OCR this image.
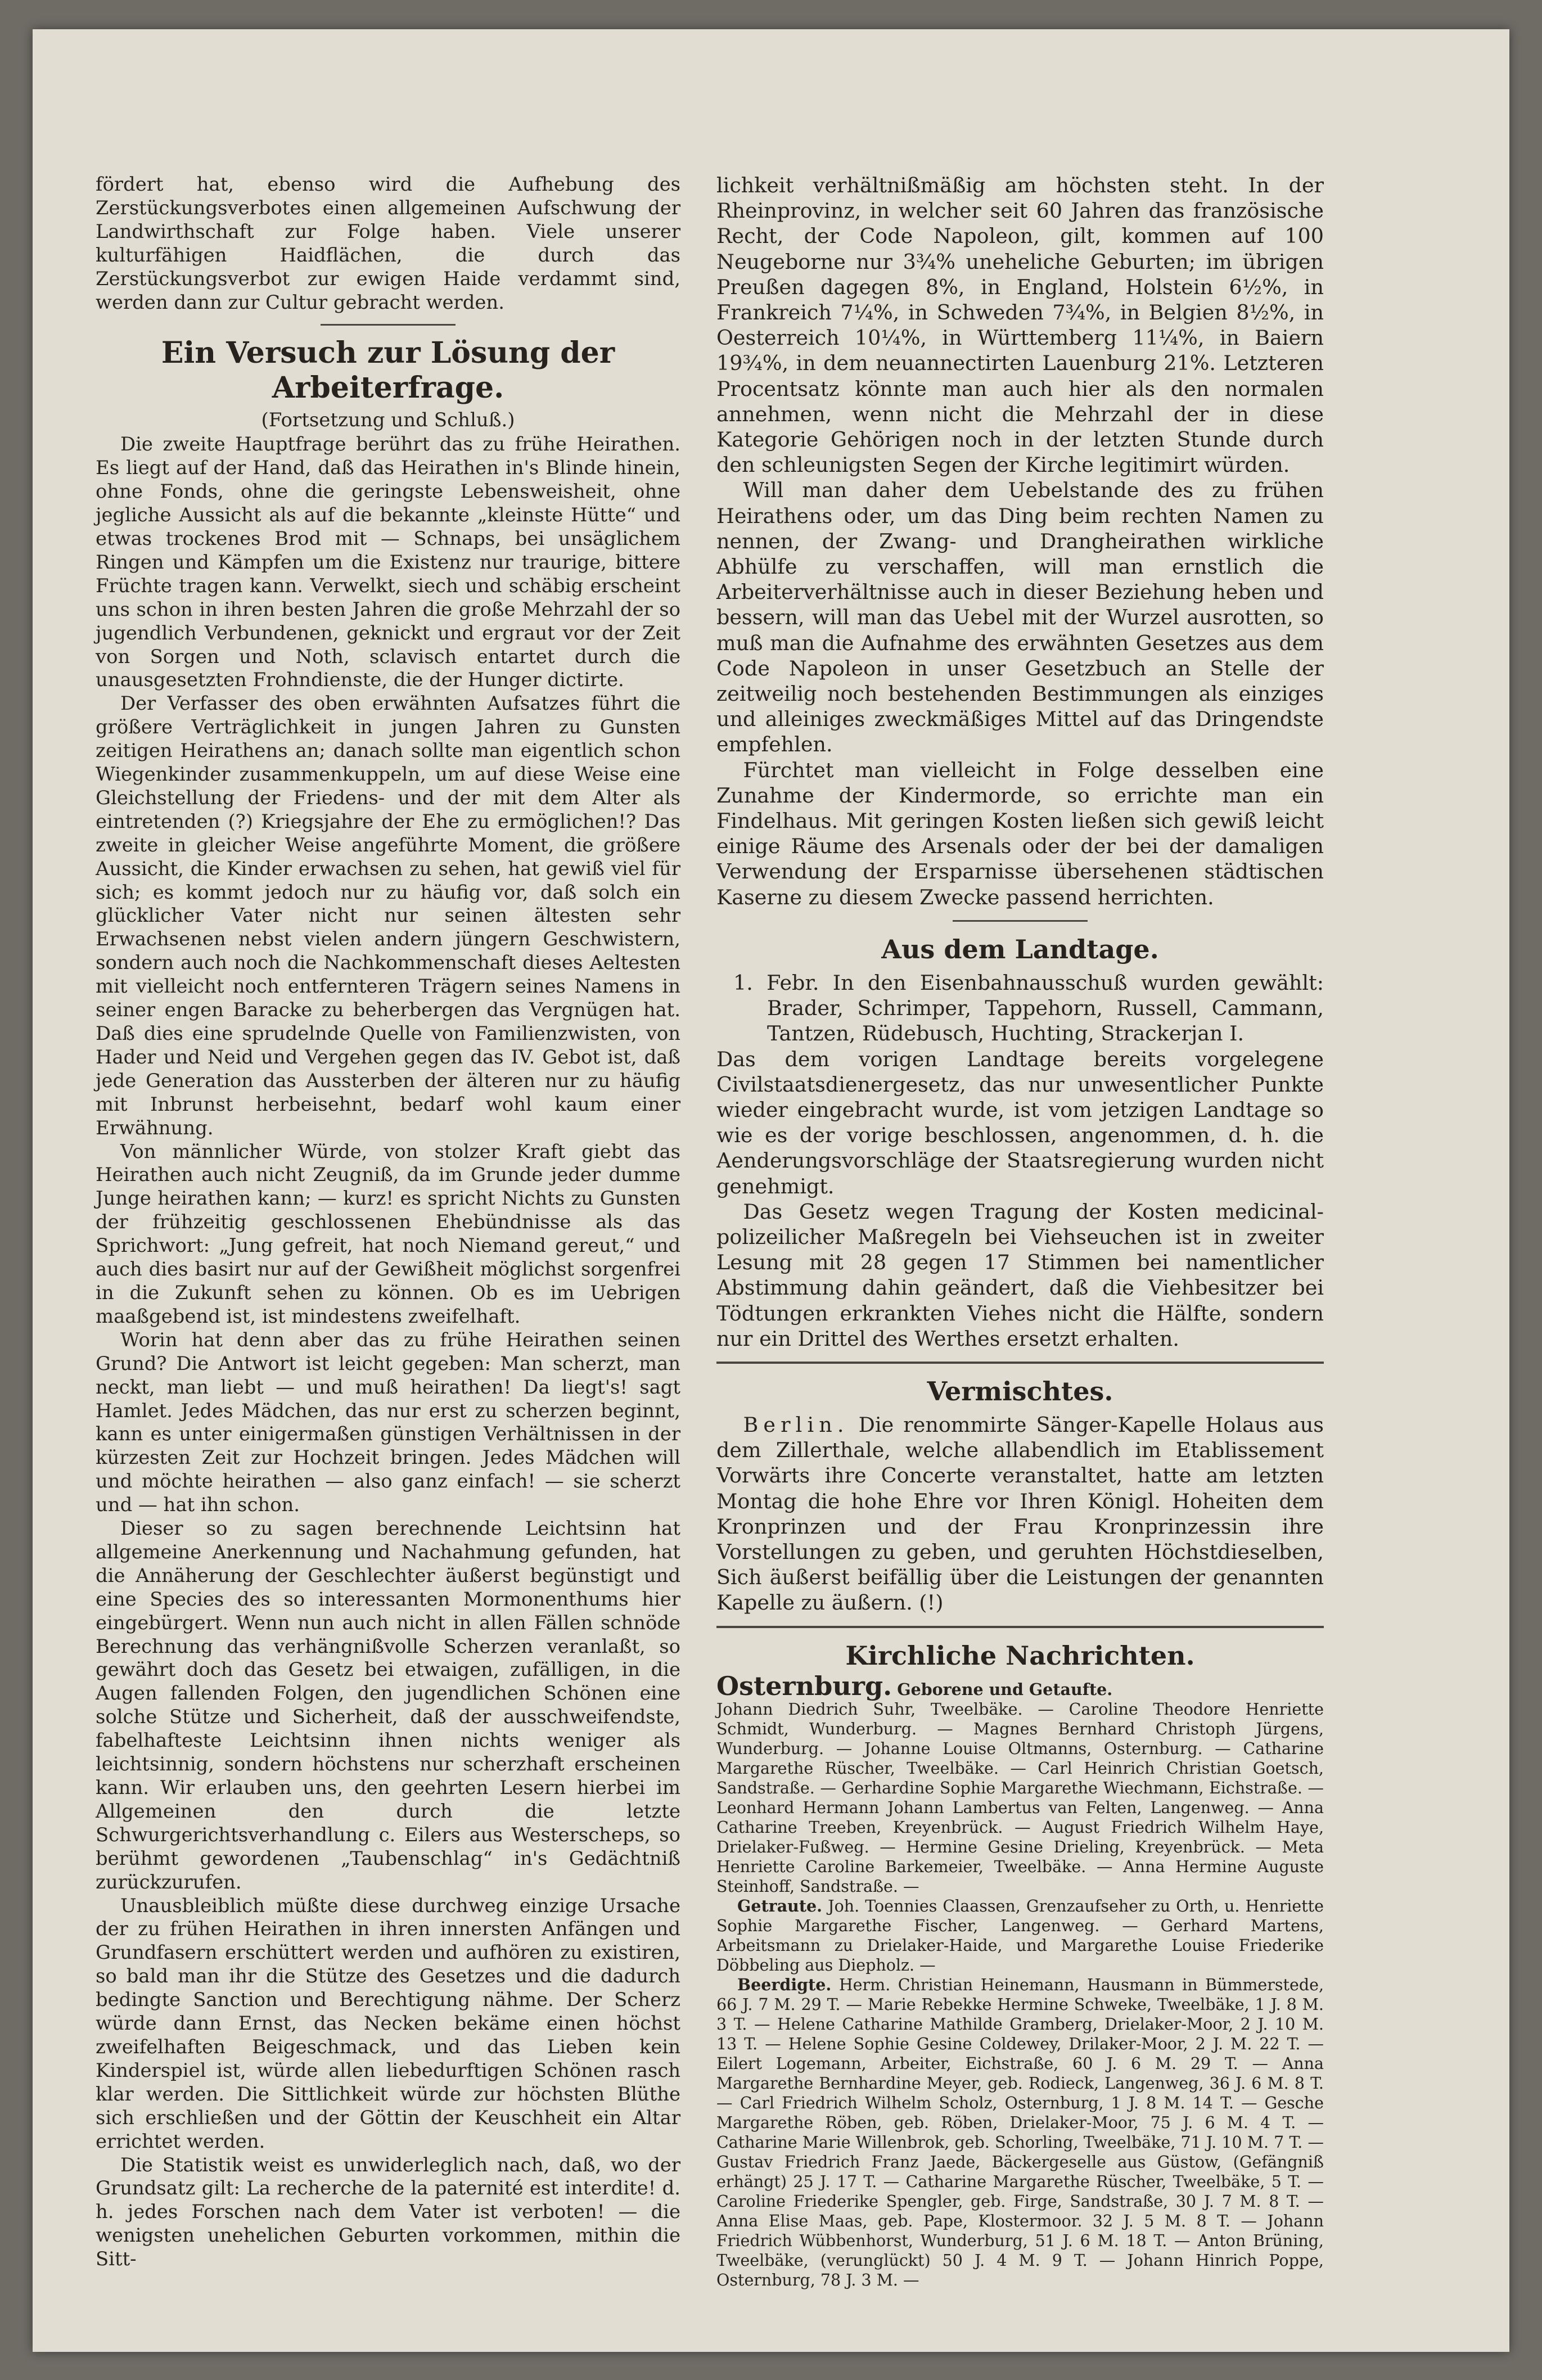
fördert hat, ebenso wird die Aufhebung des Zerstückungsverbotes einen allgemeinen Aufschwung der Landwirthschaft zur Folge haben. Viele unserer kulturfähigen Haidflächen, die durch das Zerstückungsverbot zur ewigen Haide verdammt sind, werden dann zur Cultur gebracht werden.

Ein Versuch zur Lösung der Arbeiterfrage.

(Fortsetzung und Schluß.)

Die zweite Hauptfrage berührt das zu frühe Heirathen. Es liegt auf der Hand, daß das Heirathen in's Blinde hinein, ohne Fonds, ohne die geringste Lebensweisheit, ohne jegliche Aussicht als auf die bekannte „kleinste Hütte“ und etwas trockenes Brod mit — Schnaps, bei unsäglichem Ringen und Kämpfen um die Existenz nur traurige, bittere Früchte tragen kann. Verwelkt, siech und schäbig erscheint uns schon in ihren besten Jahren die große Mehrzahl der so jugendlich Verbundenen, geknickt und ergraut vor der Zeit von Sorgen und Noth, sclavisch entartet durch die unausgesetzten Frohndienste, die der Hunger dictirte.

Der Verfasser des oben erwähnten Aufsatzes führt die größere Verträglichkeit in jungen Jahren zu Gunsten zeitigen Heirathens an; danach sollte man eigentlich schon Wiegenkinder zusammenkuppeln, um auf diese Weise eine Gleichstellung der Friedens- und der mit dem Alter als eintretenden (?) Kriegsjahre der Ehe zu ermöglichen!? Das zweite in gleicher Weise angeführte Moment, die größere Aussicht, die Kinder erwachsen zu sehen, hat gewiß viel für sich; es kommt jedoch nur zu häufig vor, daß solch ein glücklicher Vater nicht nur seinen ältesten sehr Erwachsenen nebst vielen andern jüngern Geschwistern, sondern auch noch die Nachkommenschaft dieses Aeltesten mit vielleicht noch entfernteren Trägern seines Namens in seiner engen Baracke zu beherbergen das Vergnügen hat. Daß dies eine sprudelnde Quelle von Familienzwisten, von Hader und Neid und Vergehen gegen das IV. Gebot ist, daß jede Generation das Aussterben der älteren nur zu häufig mit Inbrunst herbeisehnt, bedarf wohl kaum einer Erwähnung.

Von männlicher Würde, von stolzer Kraft giebt das Heirathen auch nicht Zeugniß, da im Grunde jeder dumme Junge heirathen kann; — kurz! es spricht Nichts zu Gunsten der frühzeitig geschlossenen Ehebündnisse als das Sprichwort: „Jung gefreit, hat noch Niemand gereut,“ und auch dies basirt nur auf der Gewißheit möglichst sorgenfrei in die Zukunft sehen zu können. Ob es im Uebrigen maaßgebend ist, ist mindestens zweifelhaft.

Worin hat denn aber das zu frühe Heirathen seinen Grund? Die Antwort ist leicht gegeben: Man scherzt, man neckt, man liebt — und muß heirathen! Da liegt's! sagt Hamlet. Jedes Mädchen, das nur erst zu scherzen beginnt, kann es unter einigermaßen günstigen Verhältnissen in der kürzesten Zeit zur Hochzeit bringen. Jedes Mädchen will und möchte heirathen — also ganz einfach! — sie scherzt und — hat ihn schon.

Dieser so zu sagen berechnende Leichtsinn hat allgemeine Anerkennung und Nachahmung gefunden, hat die Annäherung der Geschlechter äußerst begünstigt und eine Species des so interessanten Mormonenthums hier eingebürgert. Wenn nun auch nicht in allen Fällen schnöde Berechnung das verhängnißvolle Scherzen veranlaßt, so gewährt doch das Gesetz bei etwaigen, zufälligen, in die Augen fallenden Folgen, den jugendlichen Schönen eine solche Stütze und Sicherheit, daß der ausschweifendste, fabelhafteste Leichtsinn ihnen nichts weniger als leichtsinnig, sondern höchstens nur scherzhaft erscheinen kann. Wir erlauben uns, den geehrten Lesern hierbei im Allgemeinen den durch die letzte Schwurgerichtsverhandlung c. Eilers aus Westerscheps, so berühmt gewordenen „Taubenschlag“ in's Gedächtniß zurückzurufen.

Unausbleiblich müßte diese durchweg einzige Ursache der zu frühen Heirathen in ihren innersten Anfängen und Grundfasern erschüttert werden und aufhören zu existiren, so bald man ihr die Stütze des Gesetzes und die dadurch bedingte Sanction und Berechtigung nähme. Der Scherz würde dann Ernst, das Necken bekäme einen höchst zweifelhaften Beigeschmack, und das Lieben kein Kinderspiel ist, würde allen liebedurftigen Schönen rasch klar werden. Die Sittlichkeit würde zur höchsten Blüthe sich erschließen und der Göttin der Keuschheit ein Altar errichtet werden.

Die Statistik weist es unwiderleglich nach, daß, wo der Grundsatz gilt: La recherche de la paternité est interdite! d. h. jedes Forschen nach dem Vater ist verboten! — die wenigsten unehelichen Geburten vorkommen, mithin die Sitt-

lichkeit verhältnißmäßig am höchsten steht. In der Rheinprovinz, in welcher seit 60 Jahren das französische Recht, der Code Napoleon, gilt, kommen auf 100 Neugeborne nur 3¾% uneheliche Geburten; im übrigen Preußen dagegen 8%, in England, Holstein 6½%, in Frankreich 7¼%, in Schweden 7¾%, in Belgien 8½%, in Oesterreich 10¼%, in Württemberg 11¼%, in Baiern 19¾%, in dem neuannectirten Lauenburg 21%. Letzteren Procentsatz könnte man auch hier als den normalen annehmen, wenn nicht die Mehrzahl der in diese Kategorie Gehörigen noch in der letzten Stunde durch den schleunigsten Segen der Kirche legitimirt würden.

Will man daher dem Uebelstande des zu frühen Heirathens oder, um das Ding beim rechten Namen zu nennen, der Zwang- und Drangheirathen wirkliche Abhülfe zu verschaffen, will man ernstlich die Arbeiterverhältnisse auch in dieser Beziehung heben und bessern, will man das Uebel mit der Wurzel ausrotten, so muß man die Aufnahme des erwähnten Gesetzes aus dem Code Napoleon in unser Gesetzbuch an Stelle der zeitweilig noch bestehenden Bestimmungen als einziges und alleiniges zweckmäßiges Mittel auf das Dringendste empfehlen.

Fürchtet man vielleicht in Folge desselben eine Zunahme der Kindermorde, so errichte man ein Findelhaus. Mit geringen Kosten ließen sich gewiß leicht einige Räume des Arsenals oder der bei der damaligen Verwendung der Ersparnisse übersehenen städtischen Kaserne zu diesem Zwecke passend herrichten.

Aus dem Landtage.

1. Febr. In den Eisenbahnausschuß wurden gewählt: Brader, Schrimper, Tappehorn, Russell, Cammann, Tantzen, Rüdebusch, Huchting, Strackerjan I.

Das dem vorigen Landtage bereits vorgelegene Civilstaatsdienergesetz, das nur unwesentlicher Punkte wieder eingebracht wurde, ist vom jetzigen Landtage so wie es der vorige beschlossen, angenommen, d. h. die Aenderungsvorschläge der Staatsregierung wurden nicht genehmigt.

Das Gesetz wegen Tragung der Kosten medicinal-polizeilicher Maßregeln bei Viehseuchen ist in zweiter Lesung mit 28 gegen 17 Stimmen bei namentlicher Abstimmung dahin geändert, daß die Viehbesitzer bei Tödtungen erkrankten Viehes nicht die Hälfte, sondern nur ein Drittel des Werthes ersetzt erhalten.

Vermischtes.

Berlin. Die renommirte Sänger-Kapelle Holaus aus dem Zillerthale, welche allabendlich im Etablissement Vorwärts ihre Concerte veranstaltet, hatte am letzten Montag die hohe Ehre vor Ihren Königl. Hoheiten dem Kronprinzen und der Frau Kronprinzessin ihre Vorstellungen zu geben, und geruhten Höchstdieselben, Sich äußerst beifällig über die Leistungen der genannten Kapelle zu äußern. (!)

Kirchliche Nachrichten.

Osternburg. Geborene und Getaufte.

Johann Diedrich Suhr, Tweelbäke. — Caroline Theodore Henriette Schmidt, Wunderburg. — Magnes Bernhard Christoph Jürgens, Wunderburg. — Johanne Louise Oltmanns, Osternburg. — Catharine Margarethe Rüscher, Tweelbäke. — Carl Heinrich Christian Goetsch, Sandstraße. — Gerhardine Sophie Margarethe Wiechmann, Eichstraße. — Leonhard Hermann Johann Lambertus van Felten, Langenweg. — Anna Catharine Treeben, Kreyenbrück. — August Friedrich Wilhelm Haye, Drielaker-Fußweg. — Hermine Gesine Drieling, Kreyenbrück. — Meta Henriette Caroline Barkemeier, Tweelbäke. — Anna Hermine Auguste Steinhoff, Sandstraße. —

Getraute. Joh. Toennies Claassen, Grenzaufseher zu Orth, u. Henriette Sophie Margarethe Fischer, Langenweg. — Gerhard Martens, Arbeitsmann zu Drielaker-Haide, und Margarethe Louise Friederike Döbbeling aus Diepholz. —

Beerdigte. Herm. Christian Heinemann, Hausmann in Bümmerstede, 66 J. 7 M. 29 T. — Marie Rebekke Hermine Schweke, Tweelbäke, 1 J. 8 M. 3 T. — Helene Catharine Mathilde Gramberg, Drielaker-Moor, 2 J. 10 M. 13 T. — Helene Sophie Gesine Coldewey, Drilaker-Moor, 2 J. M. 22 T. — Eilert Logemann, Arbeiter, Eichstraße, 60 J. 6 M. 29 T. — Anna Margarethe Bernhardine Meyer, geb. Rodieck, Langenweg, 36 J. 6 M. 8 T. — Carl Friedrich Wilhelm Scholz, Osternburg, 1 J. 8 M. 14 T. — Gesche Margarethe Röben, geb. Röben, Drielaker-Moor, 75 J. 6 M. 4 T. — Catharine Marie Willenbrok, geb. Schorling, Tweelbäke, 71 J. 10 M. 7 T. — Gustav Friedrich Franz Jaede, Bäckergeselle aus Güstow, (Gefängniß erhängt) 25 J. 17 T. — Catharine Margarethe Rüscher, Tweelbäke, 5 T. — Caroline Friederike Spengler, geb. Firge, Sandstraße, 30 J. 7 M. 8 T. — Anna Elise Maas, geb. Pape, Klostermoor. 32 J. 5 M. 8 T. — Johann Friedrich Wübbenhorst, Wunderburg, 51 J. 6 M. 18 T. — Anton Brüning, Tweelbäke, (verunglückt) 50 J. 4 M. 9 T. — Johann Hinrich Poppe, Osternburg, 78 J. 3 M. —
